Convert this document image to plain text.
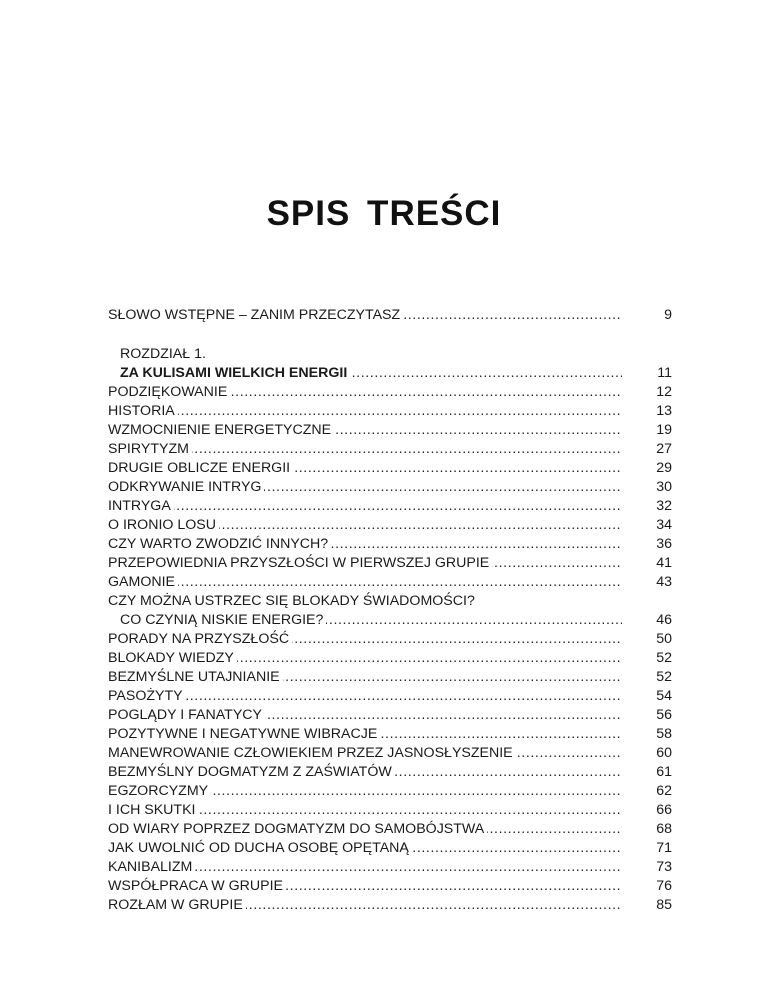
SPIS TREŚCI
SŁOWO WSTĘPNE – ZANIM PRZECZYTASZ .....	9
ROZDZIAŁ 1.
ZA KULISAMI WIELKICH ENERGII .....	11
PODZIĘKOWANIE .....	12
HISTORIA .....	13
WZMOCNIENIE ENERGETYCZNE .....	19
SPIRYTYZM .....	27
DRUGIE OBLICZE ENERGII .....	29
ODKRYWANIE INTRYG .....	30
INTRYGA .....	32
O IRONIO LOSU .....	34
CZY WARTO ZWODZIĆ INNYCH? .....	36
PRZEPOWIEDNIA PRZYSZŁOŚCI W PIERWSZEJ GRUPIE .....	41
GAMONIE .....	43
CZY MOŻNA USTRZEC SIĘ BLOKADY ŚWIADOMOŚCI?
CO CZYNIĄ NISKIE ENERGIE? .....	46
PORADY NA PRZYSZŁOŚĆ .....	50
BLOKADY WIEDZY .....	52
BEZMYŚLNE UTAJNIANIE .....	52
PASOŻYTY .....	54
POGLĄDY I FANATYCY .....	56
POZYTYWNE I NEGATYWNE WIBRACJE .....	58
MANEWROWANIE CZŁOWIEKIEM PRZEZ JASNOSŁYSZENIE .....	60
BEZMYŚLNY DOGMATYZM Z ZAŚWIATÓW .....	61
EGZORCYZMY .....	62
I ICH SKUTKI .....	66
OD WIARY POPRZEZ DOGMATYZM DO SAMOBÓJSTWA .....	68
JAK UWOLNIĆ OD DUCHA OSOBĘ OPĘTANĄ .....	71
KANIBALIZM .....	73
WSPÓŁPRACA W GRUPIE .....	76
ROZŁAM W GRUPIE .....	85
